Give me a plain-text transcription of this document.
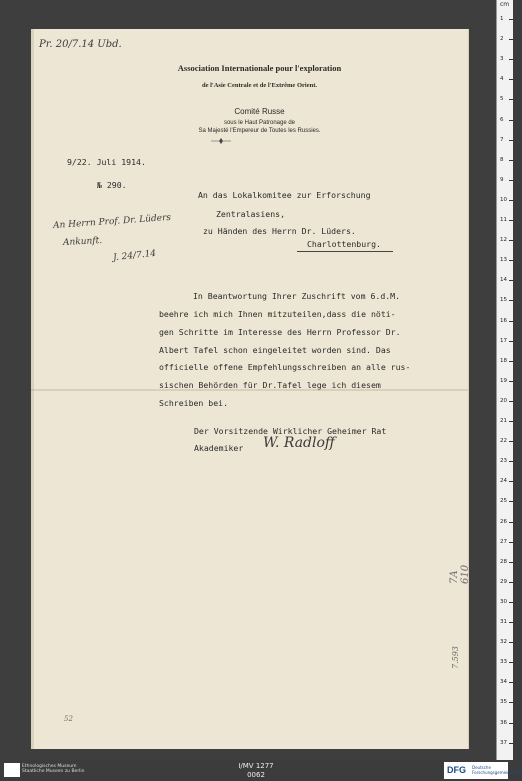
Pr. 20/7.14 Ubd.
Association Internationale pour l'exploration
de l'Asie Centrale et de l'Extrême Orient.
Comité Russe
sous le Haut Patronage de
Sa Majesté l'Empereur de Toutes les Russies.
9/22. Juli 1914.
№ 290.
An das Lokalkomitee zur Erforschung
Zentralasiens,
zu Händen des Herrn Dr. Lüders.
Charlottenburg.
An Herrn Prof. Dr. Lüders
Ankunft.
J. 24/7.14
In Beantwortung Ihrer Zuschrift vom 6.d.M.
beehre ich mich Ihnen mitzuteilen,dass die nöti-
gen Schritte im Interesse des Herrn Professor Dr.
Albert Tafel schon eingeleitet worden sind. Das
officielle offene Empfehlungsschreiben an alle rus-
sischen Behörden für Dr.Tafel lege ich diesem
Schreiben bei.
Der Vorsitzende Wirklicher Geheimer Rat
Akademiker W. Radloff
7A 610
7.593
52
cm
1
2
3
4
5
6
7
8
9
10
11
12
13
14
15
16
17
18
19
20
21
22
23
24
25
26
27
28
29
30
31
32
33
34
35
36
37
Ethnologisches Museum
Staatliche Museen zu Berlin
I/MV 1277
0062	DFG Deutsche
Forschungsgemeinschaft
